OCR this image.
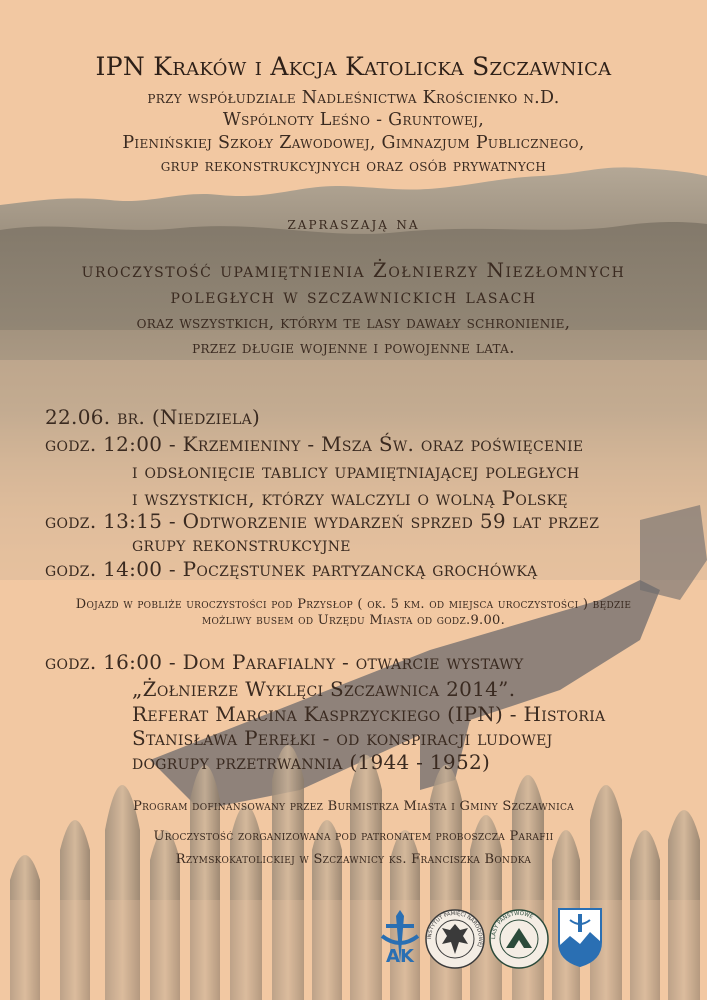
IPN Kraków i Akcja Katolicka Szczawnica
przy współudziale Nadleśnictwa Krościenko n.D.
Wspólnoty Leśno - Gruntowej,
Pienińskiej Szkoły Zawodowej, Gimnazjum Publicznego,
grup rekonstrukcyjnych oraz osób prywatnych
zapraszają na
uroczystość upamiętnienia Żołnierzy Niezłomnych
poległych w szczawnickich lasach
oraz wszystkich, którym te lasy dawały schronienie,
przez długie wojenne i powojenne lata.
22.06. br. (Niedziela)
godz. 12:00 - Krzemieniny - Msza Św. oraz poświęcenie
i odsłonięcie tablicy upamiętniającej poległych
i wszystkich, którzy walczyli o wolną Polskę
godz. 13:15 - Odtworzenie wydarzeń sprzed 59 lat przez
grupy rekonstrukcyjne
godz. 14:00 - Poczęstunek partyzancką grochówką
Dojazd w pobliże uroczystości pod Przysłop ( ok. 5 km. od miejsca uroczystości ) będzie
możliwy busem od Urzędu Miasta od godz.9.00.
godz. 16:00 - Dom Parafialny - otwarcie wystawy
„Żołnierze Wyklęci Szczawnica 2014”.
Referat Marcina Kasprzyckiego (IPN) - Historia
Stanisława Perełki - od konspiracji ludowej
dogrupy przetrwannia (1944 - 1952)
Program dofinansowany przez Burmistrza Miasta i Gminy Szczawnica
Uroczystość zorganizowana pod patronatem proboszcza Parafii
Rzymskokatolickiej w Szczawnicy ks. Franciszka Bondka
AK
INSTYTUT PAMIĘCI NARODOWEJ
LASY PAŃSTWOWE
